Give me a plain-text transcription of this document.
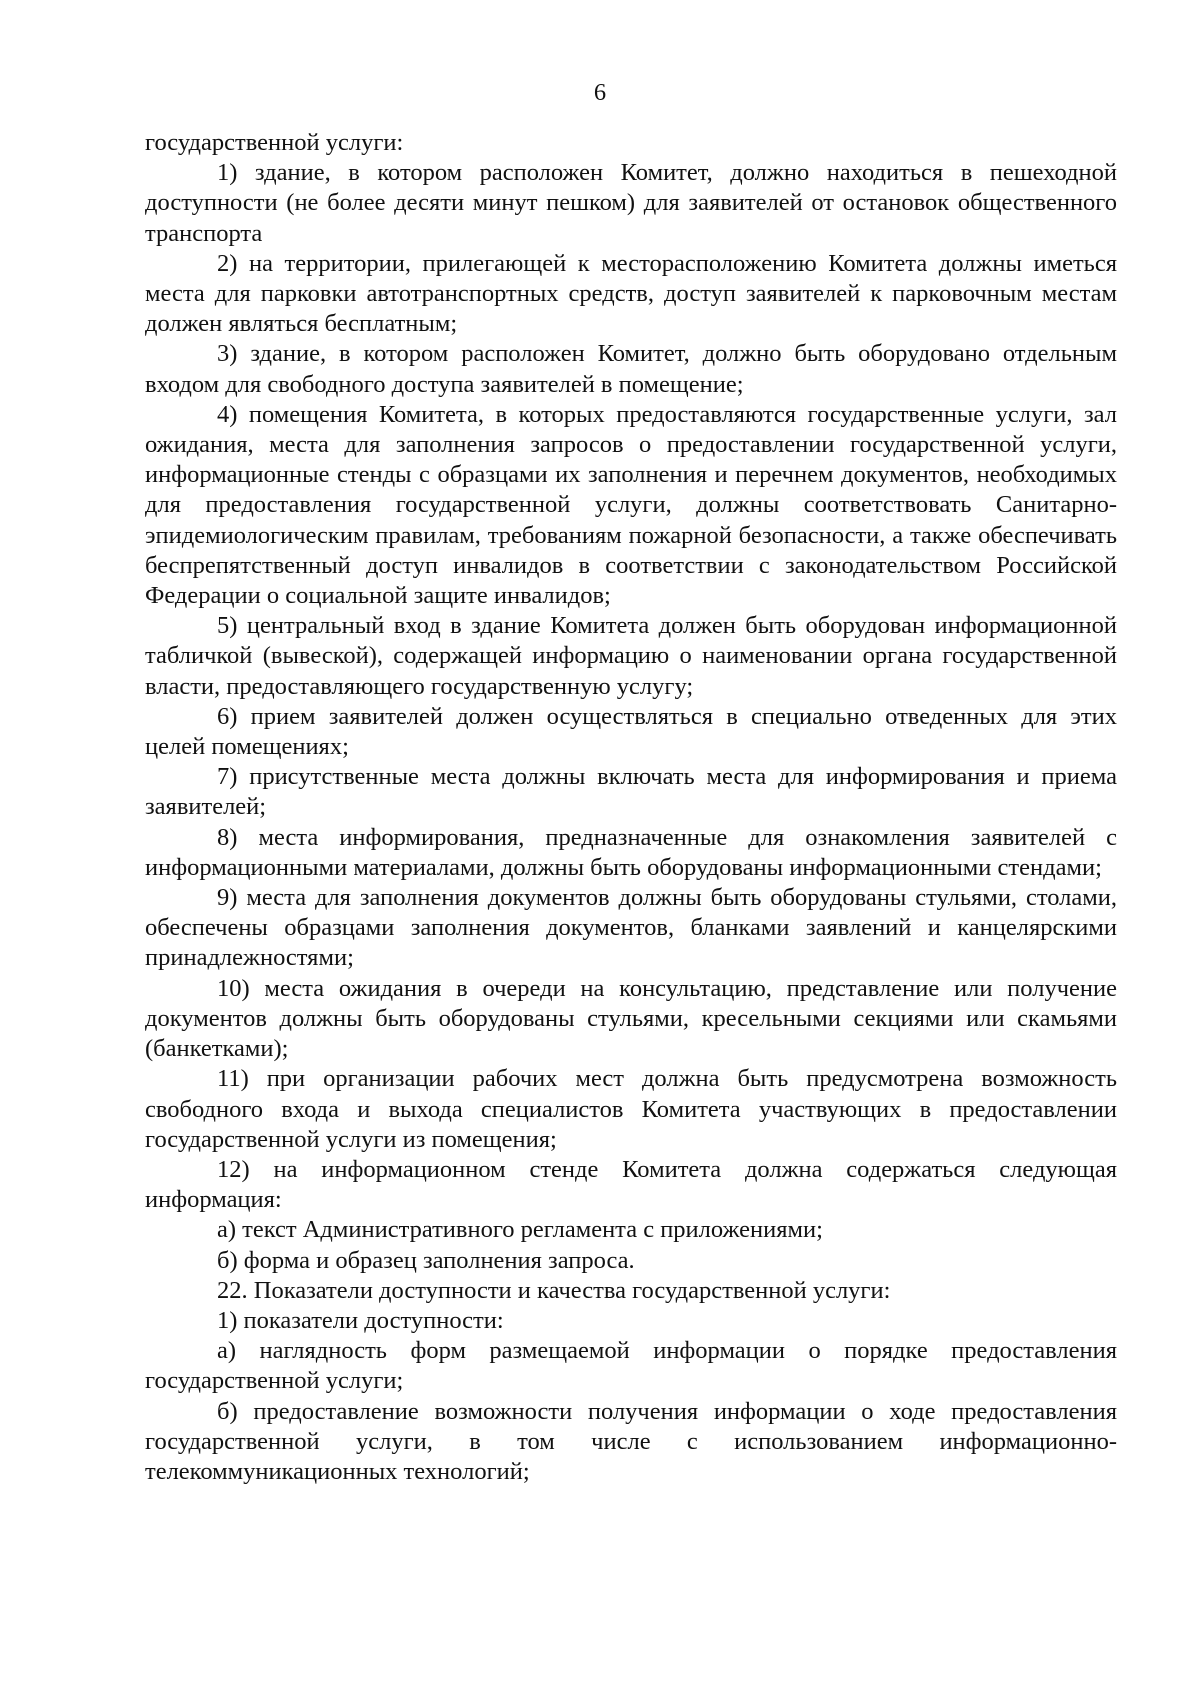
6

государственной услуги:

1) здание, в котором расположен Комитет, должно находиться в пешеходной доступности (не более десяти минут пешком) для заявителей от остановок общественного транспорта

2) на территории, прилегающей к месторасположению Комитета должны иметься места для парковки автотранспортных средств, доступ заявителей к парковочным местам должен являться бесплатным;

3) здание, в котором расположен Комитет, должно быть оборудовано отдельным входом для свободного доступа заявителей в помещение;

4) помещения Комитета, в которых предоставляются государственные услуги, зал ожидания, места для заполнения запросов о предоставлении государственной услуги, информационные стенды с образцами их заполнения и перечнем документов, необходимых для предоставления государственной услуги, должны соответствовать Санитарно-эпидемиологическим правилам, требованиям пожарной безопасности, а также обеспечивать беспрепятственный доступ инвалидов в соответствии с законодательством Российской Федерации о социальной защите инвалидов;

5) центральный вход в здание Комитета должен быть оборудован информационной табличкой (вывеской), содержащей информацию о наименовании органа государственной власти, предоставляющего государственную услугу;

6) прием заявителей должен осуществляться в специально отведенных для этих целей помещениях;

7) присутственные места должны включать места для информирования и приема заявителей;

8) места информирования, предназначенные для ознакомления заявителей с информационными материалами, должны быть оборудованы информационными стендами;

9) места для заполнения документов должны быть оборудованы стульями, столами, обеспечены образцами заполнения документов, бланками заявлений и канцелярскими принадлежностями;

10) места ожидания в очереди на консультацию, представление или получение документов должны быть оборудованы стульями, кресельными секциями или скамьями (банкетками);

11) при организации рабочих мест должна быть предусмотрена возможность свободного входа и выхода специалистов Комитета участвующих в предоставлении государственной услуги из помещения;

12) на информационном стенде Комитета должна содержаться следующая информация:

а) текст Административного регламента с приложениями;

б) форма и образец заполнения запроса.

22. Показатели доступности и качества государственной услуги:

1) показатели доступности:

а) наглядность форм размещаемой информации о порядке предоставления государственной услуги;

б) предоставление возможности получения информации о ходе предоставления государственной услуги, в том числе с использованием информационно-телекоммуникационных технологий;
